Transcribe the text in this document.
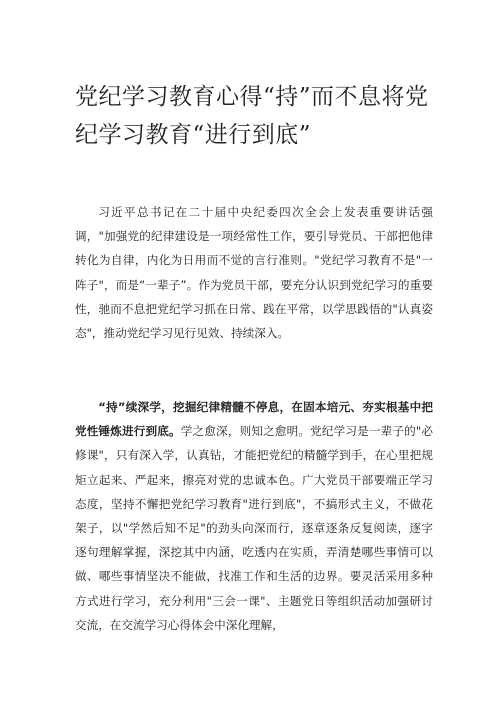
党纪学习教育心得“持”而不息将党纪学习教育“进行到底”

习近平总书记在二十届中央纪委四次全会上发表重要讲话强调，"加强党的纪律建设是一项经常性工作，要引导党员、干部把他律转化为自律，内化为日用而不觉的言行准则。"党纪学习教育不是"一阵子"，而是“一辈子”。作为党员干部，要充分认识到党纪学习的重要性，驰而不息把党纪学习抓在日常、践在平常，以学思践悟的"认真姿态"，推动党纪学习见行见效、持续深入。

“持”续深学，挖掘纪律精髓不停息，在固本培元、夯实根基中把党性锤炼进行到底。学之愈深，则知之愈明。党纪学习是一辈子的"必修课"，只有深入学，认真钻，才能把党纪的精髓学到手，在心里把规矩立起来、严起来，擦亮对党的忠诚本色。广大党员干部要端正学习态度，坚持不懈把党纪学习教育"进行到底"，不搞形式主义，不做花架子，以"学然后知不足"的劲头向深而行，逐章逐条反复阅读，逐字逐句理解掌握，深挖其中内涵，吃透内在实质，弄清楚哪些事情可以做、哪些事情坚决不能做，找准工作和生活的边界。要灵活采用多种方式进行学习，充分利用"三会一课"、主题党日等组织活动加强研讨交流，在交流学习心得体会中深化理解，
